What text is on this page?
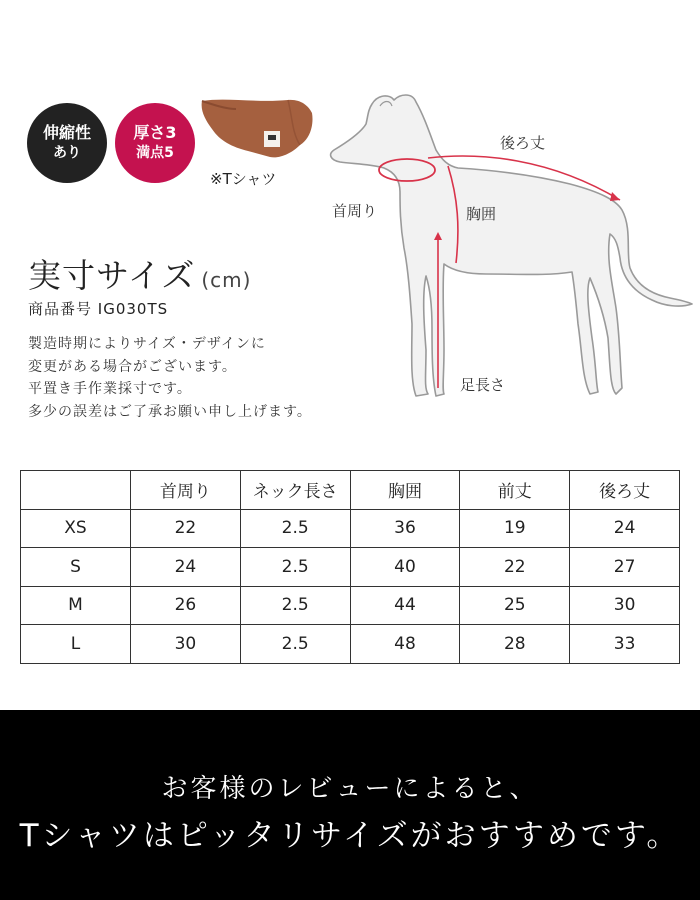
伸縮性
あり
厚さ3
満点5
※Tシャツ
実寸サイズ (cm)
商品番号 IG030TS
製造時期によりサイズ・デザインに
変更がある場合がございます。
平置き手作業採寸です。
多少の誤差はご了承お願い申し上げます。
後ろ丈
首周り	胸囲
足長さ
	首周り	ネック長さ	胸囲	前丈	後ろ丈
XS	22	2.5	36	19	24
S	24	2.5	40	22	27
M	26	2.5	44	25	30
L	30	2.5	48	28	33
お客様のレビューによると、
Tシャツはピッタリサイズがおすすめです。
